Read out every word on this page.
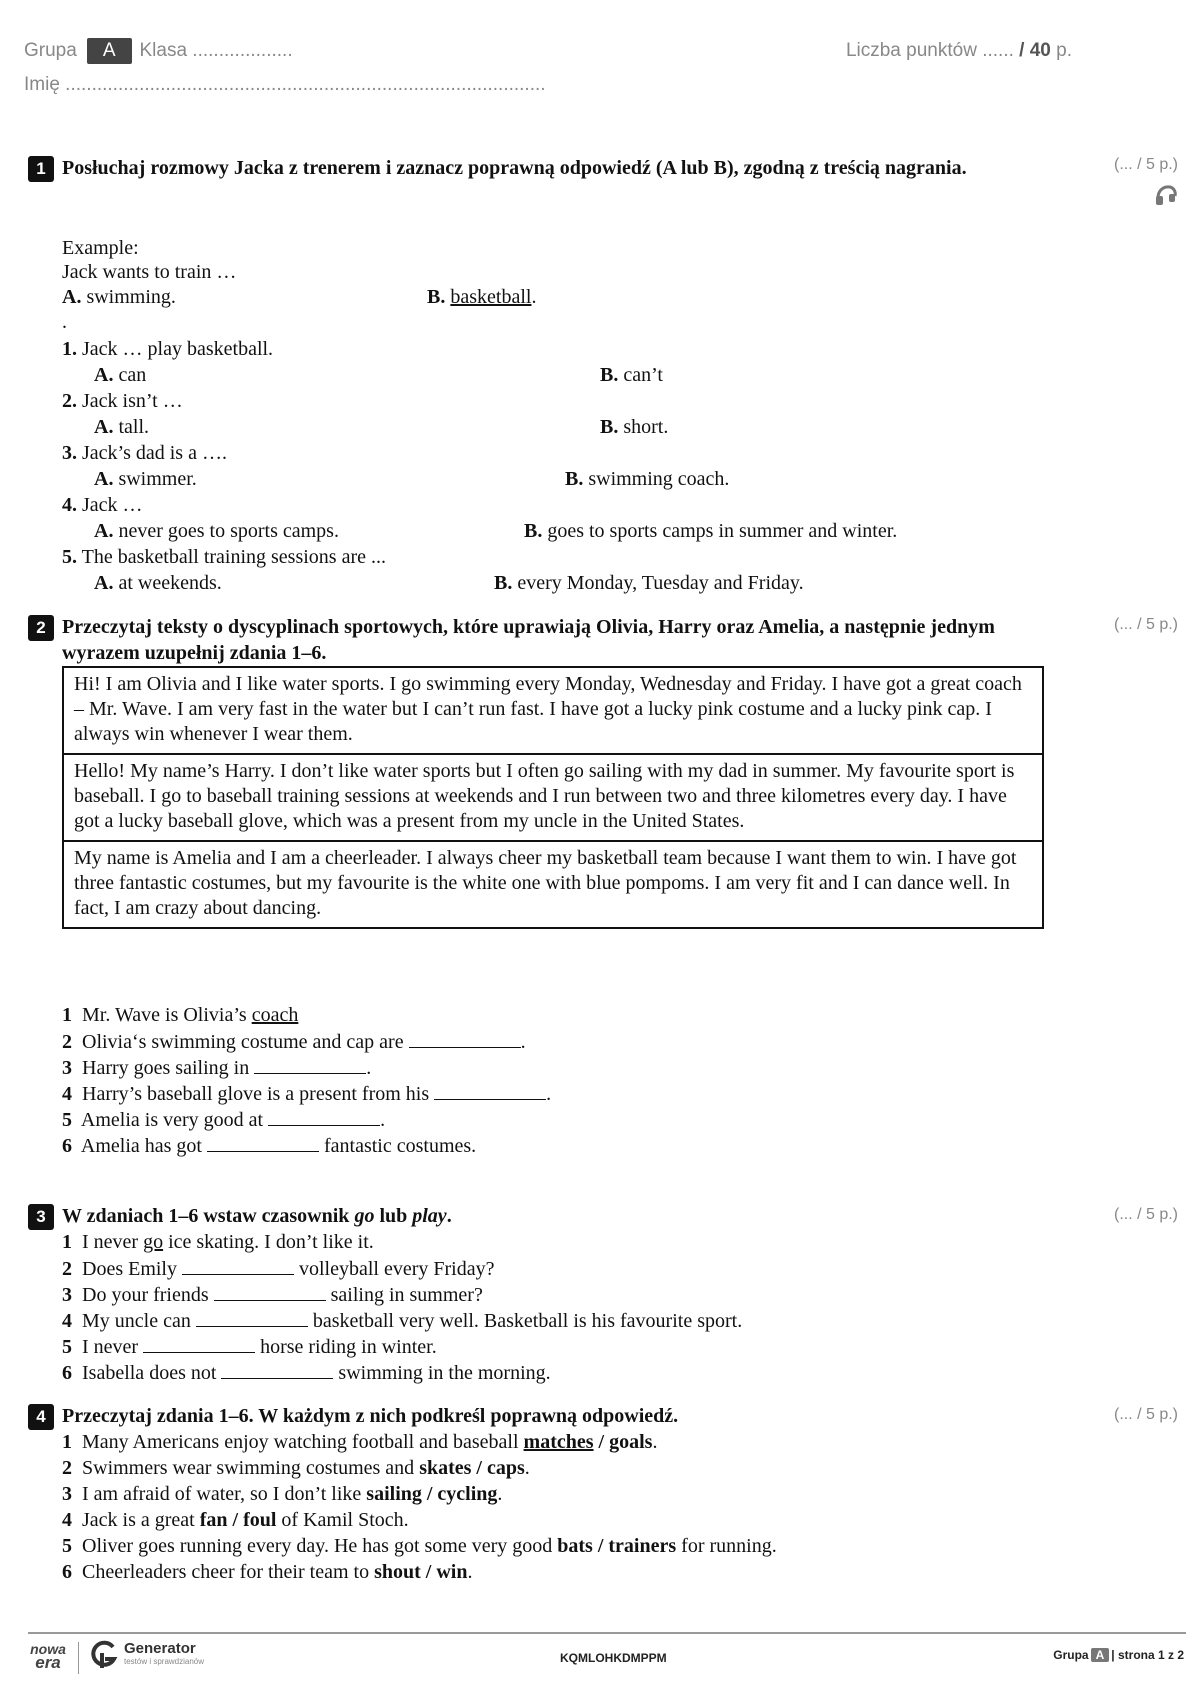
Grupa A Klasa ...................	Liczba punktów ...... / 40 p.
Imię ...........................................................................................
1 Posłuchaj rozmowy Jacka z trenerem i zaznacz poprawną odpowiedź (A lub B), zgodną z treścią nagrania.	(... / 5 p.)
Example:
Jack wants to train …
A. swimming.	B. basketball.
.
1. Jack … play basketball.
A. can	B. can’t
2. Jack isn’t …
A. tall.	B. short.
3. Jack’s dad is a ….
A. swimmer.	B. swimming coach.
4. Jack …
A. never goes to sports camps.	B. goes to sports camps in summer and winter.
5. The basketball training sessions are ...
A. at weekends.	B. every Monday, Tuesday and Friday.
2 Przeczytaj teksty o dyscyplinach sportowych, które uprawiają Olivia, Harry oraz Amelia, a następnie jednym wyrazem uzupełnij zdania 1–6.
(... / 5 p.)
Hi! I am Olivia and I like water sports. I go swimming every Monday, Wednesday and Friday. I have got a great coach – Mr. Wave. I am very fast in the water but I can’t run fast. I have got a lucky pink costume and a lucky pink cap. I always win whenever I wear them.
Hello! My name’s Harry. I don’t like water sports but I often go sailing with my dad in summer. My favourite sport is baseball. I go to baseball training sessions at weekends and I run between two and three kilometres every day. I have got a lucky baseball glove, which was a present from my uncle in the United States.
My name is Amelia and I am a cheerleader. I always cheer my basketball team because I want them to win. I have got three fantastic costumes, but my favourite is the white one with blue pompoms. I am very fit and I can dance well. In fact, I am crazy about dancing.
1 Mr. Wave is Olivia’s coach
2 Olivia‘s swimming costume and cap are	.
3 Harry goes sailing in	.
4 Harry’s baseball glove is a present from his	.
5 Amelia is very good at	.
6 Amelia has got	fantastic costumes.
3 W zdaniach 1–6 wstaw czasownik go lub play.	(... / 5 p.)
1 I never go ice skating. I don’t like it.
2 Does Emily	volleyball every Friday?
3 Do your friends	sailing in summer?
4 My uncle can	basketball very well. Basketball is his favourite sport.
5 I never	horse riding in winter.
6 Isabella does not	swimming in the morning.
4 Przeczytaj zdania 1–6. W każdym z nich podkreśl poprawną odpowiedź.	(... / 5 p.)
1 Many Americans enjoy watching football and baseball matches / goals.
2 Swimmers wear swimming costumes and skates / caps.
3 I am afraid of water, so I don’t like sailing / cycling.
4 Jack is a great fan / foul of Kamil Stoch.
5 Oliver goes running every day. He has got some very good bats / trainers for running.
6 Cheerleaders cheer for their team to shout / win.
nowa
era
Generator
testów i sprawdzianów	KQMLOHKDMPPM	Grupa A | strona 1 z 2
